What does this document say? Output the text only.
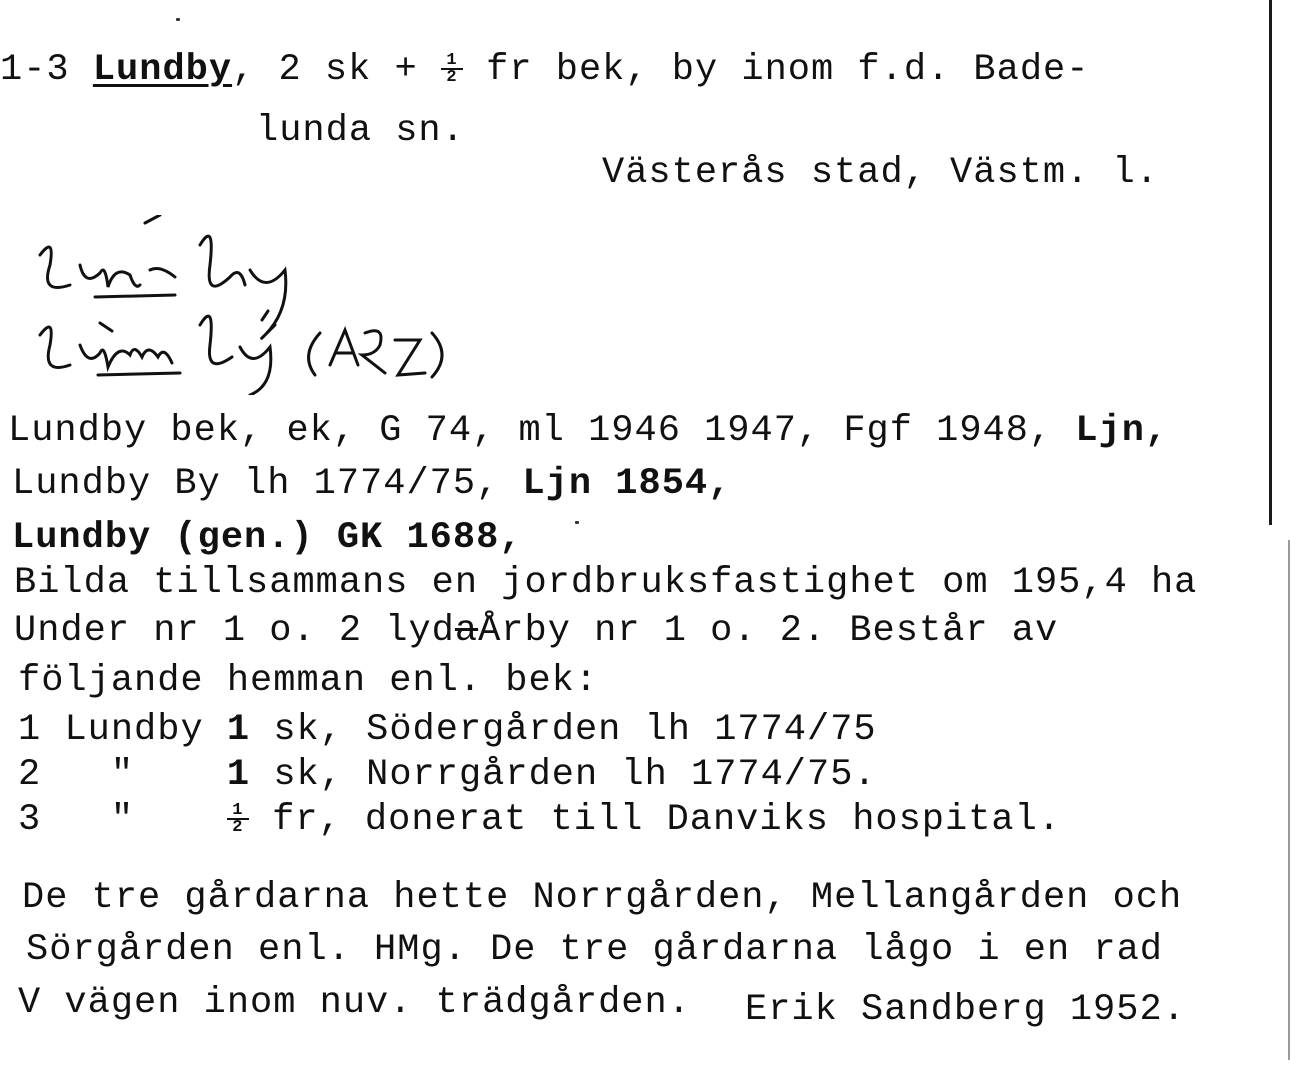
1-3 Lundby, 2 sk + $\frac{1}{2}$ fr bek, by inom f.d. Bade-
lunda sn.
Västerås stad, Västm. l.
Lundby bek, ek, G 74, ml 1946 1947, Fgf 1948, Ljn,
Lundby By lh 1774/75, Ljn 1854,
Lundby (gen.) GK 1688,
Bilda tillsammans en jordbruksfastighet om 195,4 ha
Under nr 1 o. 2 lydaÅrby nr 1 o. 2. Består av
följande hemman enl. bek:
1 Lundby 1 sk, Södergården lh 1774/75
2 "	1 sk, Norrgården lh 1774/75.
3 "	$\frac{1}{2}$ fr, donerat till Danviks hospital.
De tre gårdarna hette Norrgården, Mellangården och
Sörgården enl. HMg. De tre gårdarna lågo i en rad
V vägen inom nuv. trädgården. Erik Sandberg 1952.
